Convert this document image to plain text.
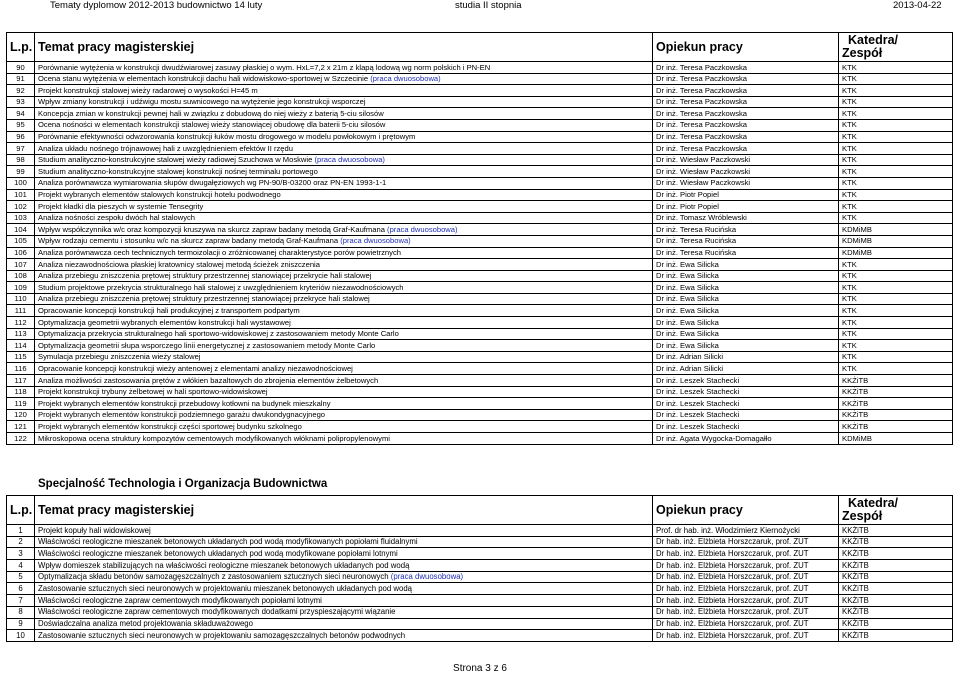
Tematy dyplomow 2012-2013 budownictwo 14 luty	studia II stopnia	2013-04-22
L.p.	Temat pracy magisterskiej	Opiekun pracy	Katedra/
Zespół
90	Porównanie wytężenia w konstrukcji dwudźwiarowej zasuwy płaskiej o wym. HxL=7,2 x 21m z klapą lodową wg norm polskich i PN-EN	Dr inż. Teresa Paczkowska	KTK
91	Ocena stanu wytężenia w elementach konstrukcji dachu hali widowiskowo-sportowej w Szczecinie (praca dwuosobowa)	Dr inż. Teresa Paczkowska	KTK
92	Projekt konstrukcji stalowej wieży radarowej o wysokości H=45 m	Dr inż. Teresa Paczkowska	KTK
93	Wpływ zmiany konstrukcji i udźwigu mostu suwnicowego na wytężenie jego konstrukcji wsporczej	Dr inż. Teresa Paczkowska	KTK
94	Koncepcja zmian w konstrukcji pewnej hali w związku z dobudową do niej wieży z baterią 5-ciu silosów	Dr inż. Teresa Paczkowska	KTK
95	Ocena nośności w elementach konstrukcji stalowej wieży stanowiącej obudowę dla baterii 5-ciu silosów	Dr inż. Teresa Paczkowska	KTK
96	Porównanie efektywności odwzorowania konstrukcji łuków mostu drogowego w modelu powłokowym i prętowym	Dr inż. Teresa Paczkowska	KTK
97	Analiza układu nośnego trójnawowej hali z uwzględnieniem efektów II rzędu	Dr inż. Teresa Paczkowska	KTK
98	Studium analityczno-konstrukcyjne stalowej wieży radiowej Szuchowa w Moskwie (praca dwuosobowa)	Dr inż. Wiesław Paczkowski	KTK
99	Studium analityczno-konstrukcyjne stalowej konstrukcji nośnej terminalu portowego	Dr inż. Wiesław Paczkowski	KTK
100	Analiza porównawcza wymiarowania słupów dwugałęziowych wg PN-90/B-03200 oraz PN-EN 1993-1-1	Dr inż. Wiesław Paczkowski	KTK
101	Projekt wybranych elementów stalowych konstrukcji hotelu podwodnego	Dr inż. Piotr Popiel	KTK
102	Projekt kładki dla pieszych w systemie Tensegrity	Dr inż. Piotr Popiel	KTK
103	Analiza nośności zespołu dwóch hal stalowych	Dr inż. Tomasz Wróblewski	KTK
104	Wpływ współczynnika w/c oraz kompozycji kruszywa na skurcz zapraw badany metodą Graf-Kaufmana (praca dwuosobowa)	Dr inż. Teresa Rucińska	KDMiMB
105	Wpływ rodzaju cementu i stosunku w/c na skurcz zapraw badany metodą Graf-Kaufmana (praca dwuosobowa)	Dr inż. Teresa Rucińska	KDMiMB
106	Analiza porównawcza cech technicznych termoizolacji o zróżnicowanej charakterystyce porów powietrznych	Dr inż. Teresa Rucińska	KDMiMB
107	Analiza niezawodnościowa płaskiej kratownicy stalowej metodą ścieżek zniszczenia	Dr inż. Ewa Silicka	KTK
108	Analiza przebiegu zniszczenia prętowej struktury przestrzennej stanowiącej przekrycie hali stalowej	Dr inż. Ewa Silicka	KTK
109	Studium projektowe przekrycia strukturalnego hali stalowej z uwzględnieniem kryteriów niezawodnościowych	Dr inż. Ewa Silicka	KTK
110	Analiza przebiegu zniszczenia prętowej struktury przestrzennej stanowiącej przekryce hali stalowej	Dr inż. Ewa Silicka	KTK
111	Opracowanie koncepcji konstrukcji hali produkcyjnej z transportem podpartym	Dr inż. Ewa Silicka	KTK
112	Optymalizacja geometrii wybranych elementów konstrukcji hali wystawowej	Dr inż. Ewa Silicka	KTK
113	Optymalizacja przekrycia strukturalnego hali sportowo-widowiskowej z zastosowaniem metody Monte Carlo	Dr inż. Ewa Silicka	KTK
114	Optymalizacja geometrii słupa wsporczego linii energetycznej z zastosowaniem metody Monte Carlo	Dr inż. Ewa Silicka	KTK
115	Symulacja przebiegu zniszczenia wieży stalowej	Dr inż. Adrian Silicki	KTK
116	Opracowanie koncepcji konstrukcji wieży antenowej z elementami analizy niezawodnościowej	Dr inż. Adrian Silicki	KTK
117	Analiza możliwości zastosowania prętów z włókien bazaltowych do zbrojenia elementów żelbetowych	Dr inż. Leszek Stachecki	KKŻiTB
118	Projekt konstrukcji trybuny żelbetowej w hali sportowo-widowiskowej	Dr inż. Leszek Stachecki	KKŻiTB
119	Projekt wybranych elementów konstrukcji przebudowy kotłowni na budynek mieszkalny	Dr inż. Leszek Stachecki	KKŻiTB
120	Projekt wybranych elementów konstrukcji podziemnego garażu dwukondygnacyjnego	Dr inż. Leszek Stachecki	KKŻiTB
121	Projekt wybranych elementów konstrukcji części sportowej budynku szkolnego	Dr inż. Leszek Stachecki	KKŻiTB
122	Mikroskopowa ocena struktury kompozytów cementowych modyfikowanych włóknami polipropylenowymi	Dr inż. Agata Wygocka-Domagałło	KDMiMB
Specjalność Technologia i Organizacja Budownictwa
L.p.	Temat pracy magisterskiej	Opiekun pracy	Katedra/
Zespół
1	Projekt kopuły hali widowiskowej	Prof. dr hab. inż. Włodzimierz Kiernożycki	KKŻiTB
2	Właściwości reologiczne mieszanek betonowych układanych pod wodą modyfikowanych popiołami fluidalnymi	Dr hab. inż. Elżbieta Horszczaruk, prof. ZUT	KKŻiTB
3	Właściwości reologiczne mieszanek betonowych układanych pod wodą modyfikowane popiołami lotnymi	Dr hab. inż. Elżbieta Horszczaruk, prof. ZUT	KKŻiTB
4	Wpływ domieszek stabilizujących na właściwości reologiczne mieszanek betonowych układanych pod wodą	Dr hab. inż. Elżbieta Horszczaruk, prof. ZUT	KKŻiTB
5	Optymalizacja składu betonów samozagęszczalnych z zastosowaniem sztucznych sieci neuronowych (praca dwuosobowa)	Dr hab. inż. Elżbieta Horszczaruk, prof. ZUT	KKŻiTB
6	Zastosowanie sztucznych sieci neuronowych w projektowaniu mieszanek betonowych układanych pod wodą	Dr hab. inż. Elżbieta Horszczaruk, prof. ZUT	KKŻiTB
7	Właściwości reologiczne zapraw cementowych modyfikowanych popiołami lotnymi	Dr hab. inż. Elżbieta Horszczaruk, prof. ZUT	KKŻiTB
8	Właściwości reologiczne zapraw cementowych modyfikowanych dodatkami przyspieszającymi wiązanie	Dr hab. inż. Elżbieta Horszczaruk, prof. ZUT	KKŻiTB
9	Doświadczalna analiza metod projektowania składuważowego	Dr hab. inż. Elżbieta Horszczaruk, prof. ZUT	KKŻiTB
10	Zastosowanie sztucznych sieci neuronowych w projektowaniu samozagęszczalnych betonów podwodnych	Dr hab. inż. Elżbieta Horszczaruk, prof. ZUT	KKŻiTB
Strona 3 z 6
